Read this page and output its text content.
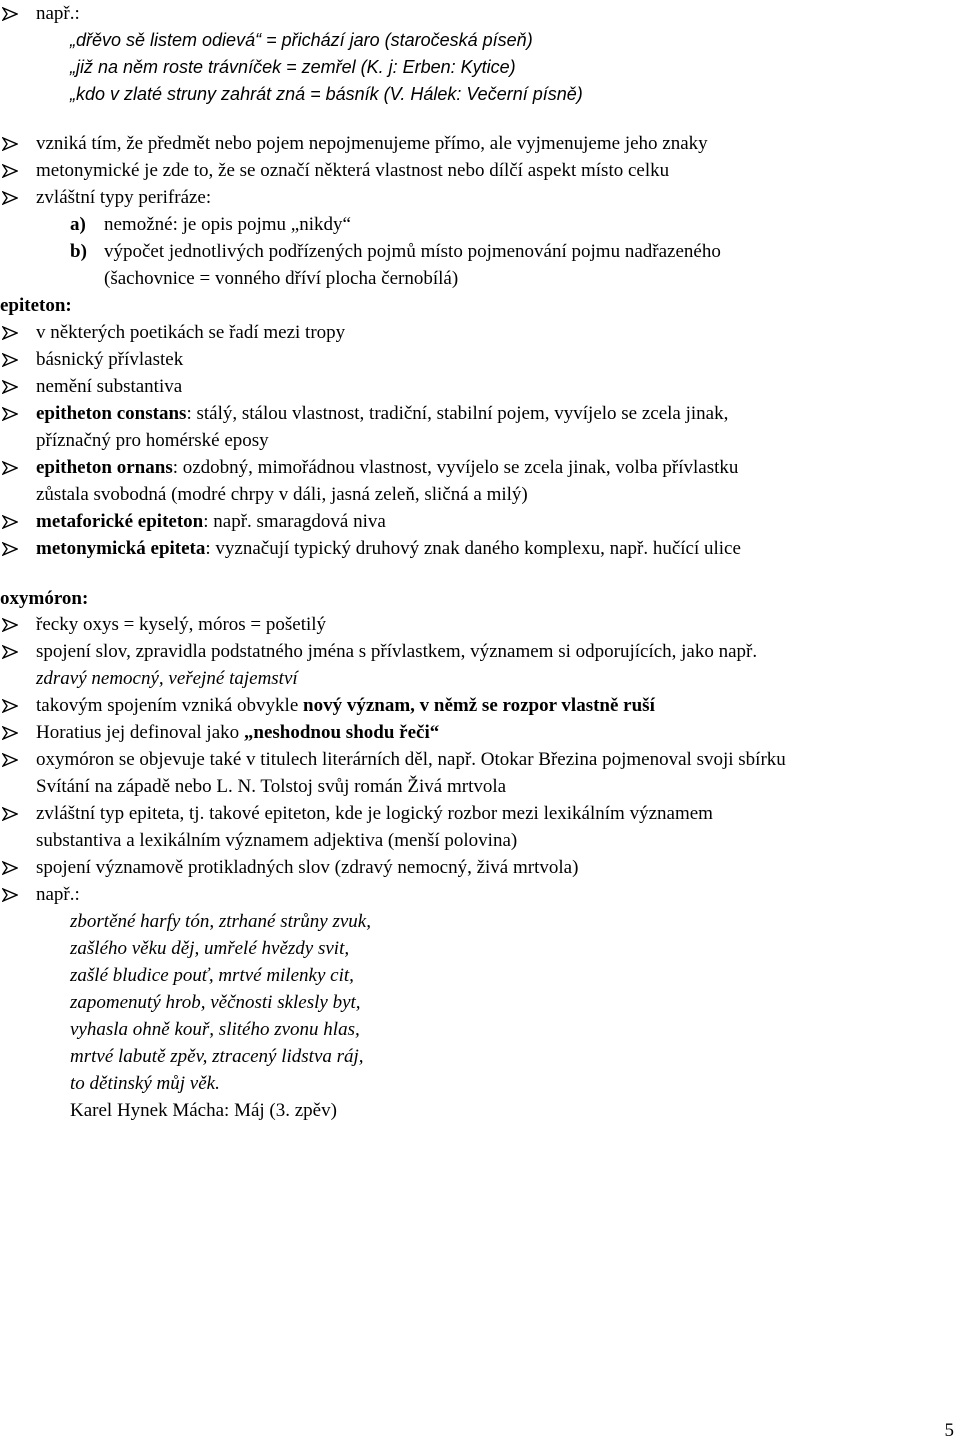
např.:
„dřěvo sě listem odievá“ = přichází jaro (staročeská píseň)
„již na něm roste trávníček = zemřel (K. j: Erben: Kytice)
„kdo v zlaté struny zahrát zná = básník (V. Hálek: Večerní písně)
vzniká tím, že předmět nebo pojem nepojmenujeme přímo, ale vyjmenujeme jeho znaky
metonymické je zde to, že se označí některá vlastnost nebo dílčí aspekt místo celku
zvláštní typy perifráze:
a) nemožné: je opis pojmu „nikdy“
b) výpočet jednotlivých podřízených pojmů místo pojmenování pojmu nadřazeného
(šachovnice = vonného dříví plocha černobílá)
epiteton:
v některých poetikách se řadí mezi tropy
básnický přívlastek
nemění substantiva
epitheton constans: stálý, stálou vlastnost, tradiční, stabilní pojem, vyvíjelo se zcela jinak,
příznačný pro homérské eposy
epitheton ornans: ozdobný, mimořádnou vlastnost, vyvíjelo se zcela jinak, volba přívlastku
zůstala svobodná (modré chrpy v dáli, jasná zeleň, sličná a milý)
metaforické epiteton: např. smaragdová niva
metonymická epiteta: vyznačují typický druhový znak daného komplexu, např. hučící ulice
oxymóron:
řecky oxys = kyselý, móros = pošetilý
spojení slov, zpravidla podstatného jména s přívlastkem, významem si odporujících, jako např.
zdravý nemocný, veřejné tajemství
takovým spojením vzniká obvykle nový význam, v němž se rozpor vlastně ruší
Horatius jej definoval jako „neshodnou shodu řeči“
oxymóron se objevuje také v titulech literárních děl, např. Otokar Březina pojmenoval svoji sbírku
Svítání na západě nebo L. N. Tolstoj svůj román Živá mrtvola
zvláštní typ epiteta, tj. takové epiteton, kde je logický rozbor mezi lexikálním významem
substantiva a lexikálním významem adjektiva (menší polovina)
spojení významově protikladných slov (zdravý nemocný, živá mrtvola)
např.:
zbortěné harfy tón, ztrhané strůny zvuk,
zašlého věku děj, umřelé hvězdy svit,
zašlé bludice pouť, mrtvé milenky cit,
zapomenutý hrob, věčnosti sklesly byt,
vyhasla ohně kouř, slitého zvonu hlas,
mrtvé labutě zpěv, ztracený lidstva ráj,
to dětinský můj věk.
Karel Hynek Mácha: Máj (3. zpěv)
5
